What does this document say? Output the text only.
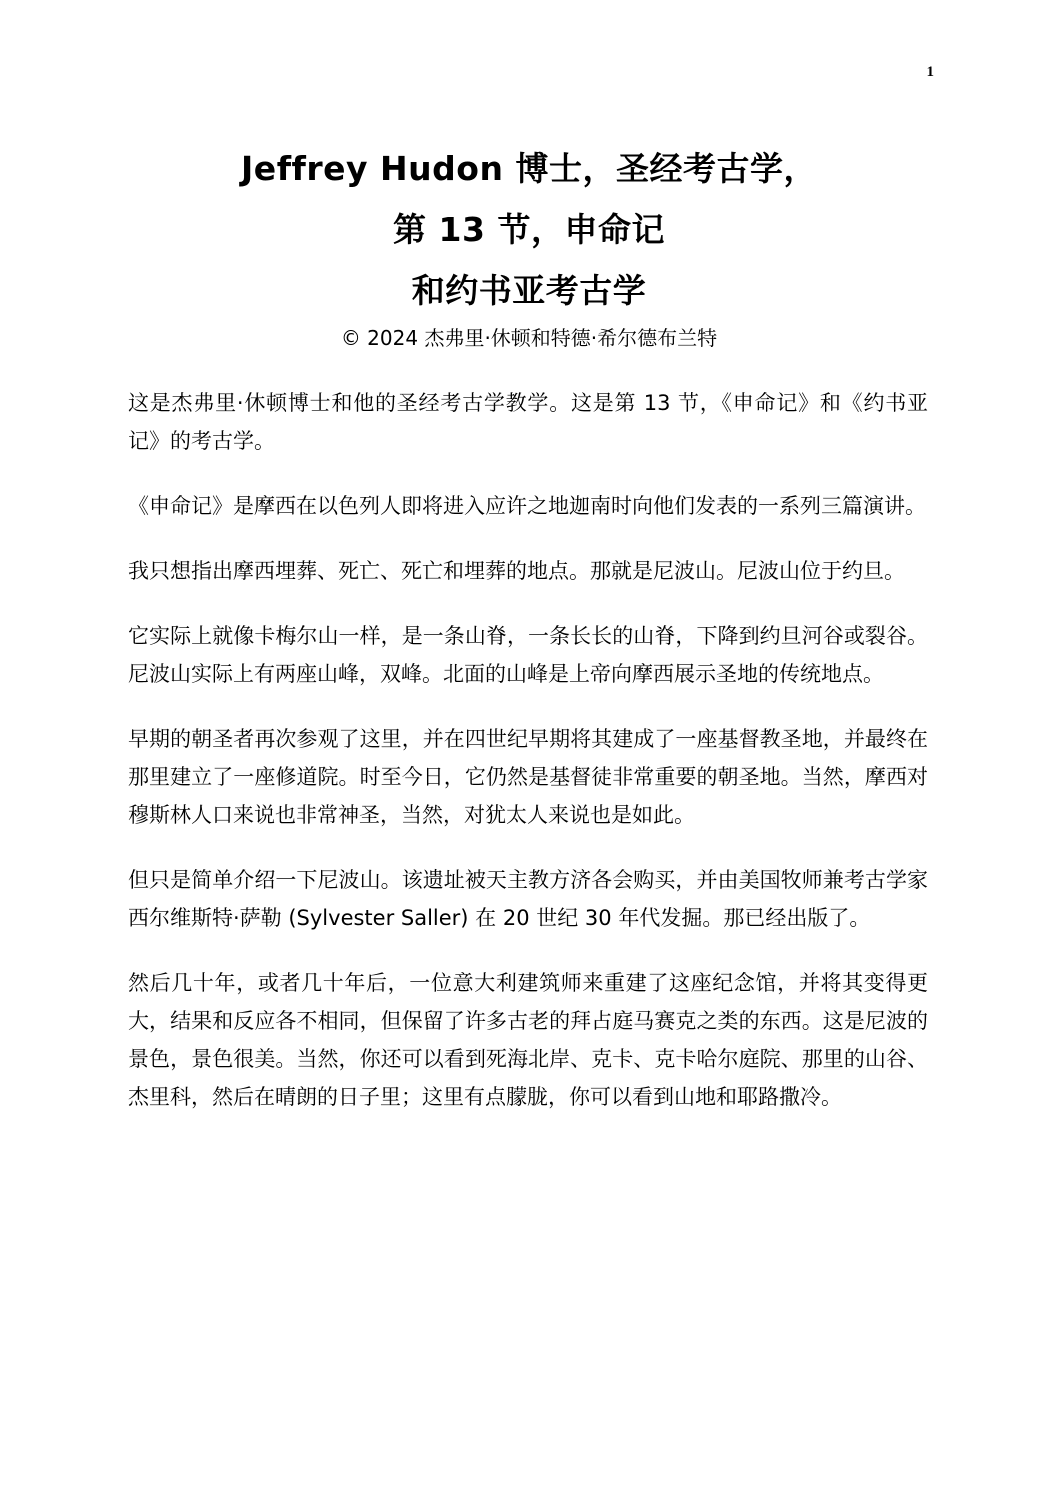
1
Jeffrey Hudon 博士，圣经考古学，
第 13 节，申命记
和约书亚考古学
© 2024 杰弗里·休顿和特德·希尔德布兰特

这是杰弗里·休顿博士和他的圣经考古学教学。这是第 13 节，《申命记》和《约书亚记》的考古学。

《申命记》是摩西在以色列人即将进入应许之地迦南时向他们发表的一系列三篇演讲。

我只想指出摩西埋葬、死亡、死亡和埋葬的地点。那就是尼波山。尼波山位于约旦。

它实际上就像卡梅尔山一样，是一条山脊，一条长长的山脊，下降到约旦河谷或裂谷。尼波山实际上有两座山峰，双峰。北面的山峰是上帝向摩西展示圣地的传统地点。

早期的朝圣者再次参观了这里，并在四世纪早期将其建成了一座基督教圣地，并最终在那里建立了一座修道院。时至今日，它仍然是基督徒非常重要的朝圣地。当然，摩西对穆斯林人口来说也非常神圣，当然，对犹太人来说也是如此。

但只是简单介绍一下尼波山。该遗址被天主教方济各会购买，并由美国牧师兼考古学家西尔维斯特·萨勒 (Sylvester Saller) 在 20 世纪 30 年代发掘。那已经出版了。

然后几十年，或者几十年后，一位意大利建筑师来重建了这座纪念馆，并将其变得更大，结果和反应各不相同，但保留了许多古老的拜占庭马赛克之类的东西。这是尼波的景色，景色很美。当然，你还可以看到死海北岸、克卡、克卡哈尔庭院、那里的山谷、杰里科，然后在晴朗的日子里；这里有点朦胧，你可以看到山地和耶路撒冷。
